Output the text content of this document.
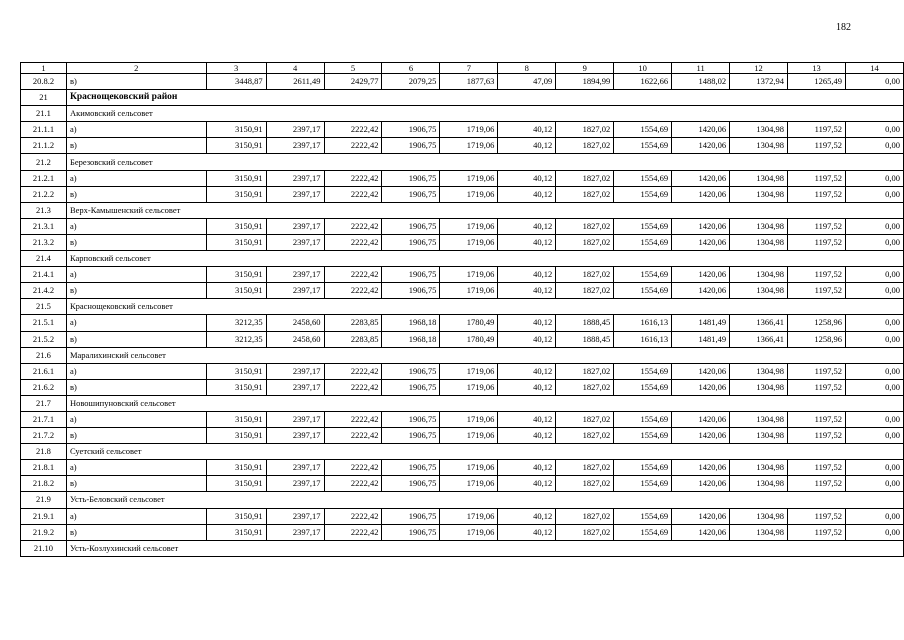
182
1	2	3	4	5	6	7	8	9	10	11	12	13	14
20.8.2	в)	3448,87	2611,49	2429,77	2079,25	1877,63	47,09	1894,99	1622,66	1488,02	1372,94	1265,49	0,00
21	Краснощековский район												
21.1	Акимовский сельсовет												
21.1.1	а)	3150,91	2397,17	2222,42	1906,75	1719,06	40,12	1827,02	1554,69	1420,06	1304,98	1197,52	0,00
21.1.2	в)	3150,91	2397,17	2222,42	1906,75	1719,06	40,12	1827,02	1554,69	1420,06	1304,98	1197,52	0,00
21.2	Березовский сельсовет												
21.2.1	а)	3150,91	2397,17	2222,42	1906,75	1719,06	40,12	1827,02	1554,69	1420,06	1304,98	1197,52	0,00
21.2.2	в)	3150,91	2397,17	2222,42	1906,75	1719,06	40,12	1827,02	1554,69	1420,06	1304,98	1197,52	0,00
21.3	Верх-Камышенский сельсовет												
21.3.1	а)	3150,91	2397,17	2222,42	1906,75	1719,06	40,12	1827,02	1554,69	1420,06	1304,98	1197,52	0,00
21.3.2	в)	3150,91	2397,17	2222,42	1906,75	1719,06	40,12	1827,02	1554,69	1420,06	1304,98	1197,52	0,00
21.4	Карповский сельсовет												
21.4.1	а)	3150,91	2397,17	2222,42	1906,75	1719,06	40,12	1827,02	1554,69	1420,06	1304,98	1197,52	0,00
21.4.2	в)	3150,91	2397,17	2222,42	1906,75	1719,06	40,12	1827,02	1554,69	1420,06	1304,98	1197,52	0,00
21.5	Краснощековский сельсовет												
21.5.1	а)	3212,35	2458,60	2283,85	1968,18	1780,49	40,12	1888,45	1616,13	1481,49	1366,41	1258,96	0,00
21.5.2	в)	3212,35	2458,60	2283,85	1968,18	1780,49	40,12	1888,45	1616,13	1481,49	1366,41	1258,96	0,00
21.6	Маралихинский сельсовет												
21.6.1	а)	3150,91	2397,17	2222,42	1906,75	1719,06	40,12	1827,02	1554,69	1420,06	1304,98	1197,52	0,00
21.6.2	в)	3150,91	2397,17	2222,42	1906,75	1719,06	40,12	1827,02	1554,69	1420,06	1304,98	1197,52	0,00
21.7	Новошипуновский сельсовет												
21.7.1	а)	3150,91	2397,17	2222,42	1906,75	1719,06	40,12	1827,02	1554,69	1420,06	1304,98	1197,52	0,00
21.7.2	в)	3150,91	2397,17	2222,42	1906,75	1719,06	40,12	1827,02	1554,69	1420,06	1304,98	1197,52	0,00
21.8	Суетский сельсовет												
21.8.1	а)	3150,91	2397,17	2222,42	1906,75	1719,06	40,12	1827,02	1554,69	1420,06	1304,98	1197,52	0,00
21.8.2	в)	3150,91	2397,17	2222,42	1906,75	1719,06	40,12	1827,02	1554,69	1420,06	1304,98	1197,52	0,00
21.9	Усть-Беловский сельсовет												
21.9.1	а)	3150,91	2397,17	2222,42	1906,75	1719,06	40,12	1827,02	1554,69	1420,06	1304,98	1197,52	0,00
21.9.2	в)	3150,91	2397,17	2222,42	1906,75	1719,06	40,12	1827,02	1554,69	1420,06	1304,98	1197,52	0,00
21.10	Усть-Козлухинский сельсовет												
